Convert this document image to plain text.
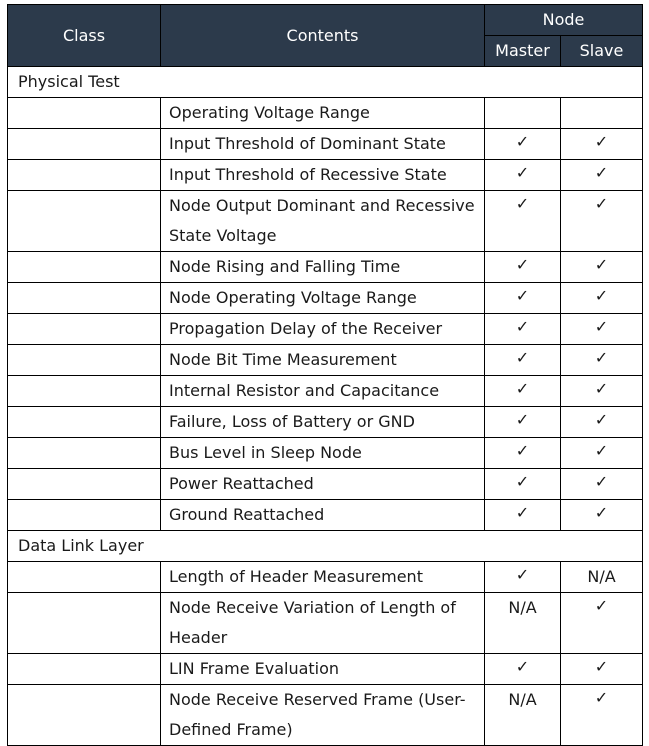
Class	Contents	Node	
		Master	Slave
Physical Test			
	Operating Voltage Range		
	Input Threshold of Dominant State	✓	✓
	Input Threshold of Recessive State	✓	✓
	Node Output Dominant and Recessive State Voltage	✓	✓
	Node Rising and Falling Time	✓	✓
	Node Operating Voltage Range	✓	✓
	Propagation Delay of the Receiver	✓	✓
	Node Bit Time Measurement	✓	✓
	Internal Resistor and Capacitance	✓	✓
	Failure, Loss of Battery or GND	✓	✓
	Bus Level in Sleep Node	✓	✓
	Power Reattached	✓	✓
	Ground Reattached	✓	✓
Data Link Layer			
	Length of Header Measurement	✓	N/A
	Node Receive Variation of Length of Header	N/A	✓
	LIN Frame Evaluation	✓	✓
	Node Receive Reserved Frame (User-Defined Frame)	N/A	✓
